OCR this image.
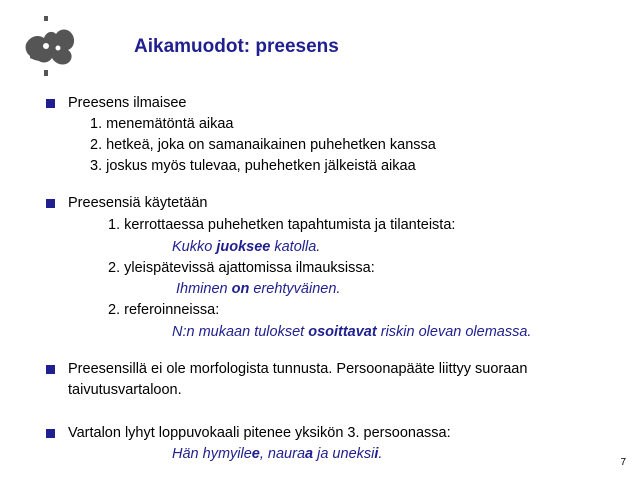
Aikamuodot: preesens
Preesens ilmaisee
1. menemätöntä aikaa
2. hetkeä, joka on samanaikainen puhehetken kanssa
3. joskus myös tulevaa, puhehetken jälkeistä aikaa
Preesensiä käytetään
1. kerrottaessa puhehetken tapahtumista ja tilanteista:
Kukko juoksee katolla.
2. yleispätevissä ajattomissa ilmauksissa:
Ihminen on erehtyväinen.
2. referoinneissa:
N:n mukaan tulokset osoittavat riskin olevan olemassa.
Preesensillä ei ole morfologista tunnusta. Persoonapääte liittyy suoraan
taivutusvartaloon.
Vartalon lyhyt loppuvokaali pitenee yksikön 3. persoonassa:
Hän hymyilee, nauraa ja uneksii.
7
